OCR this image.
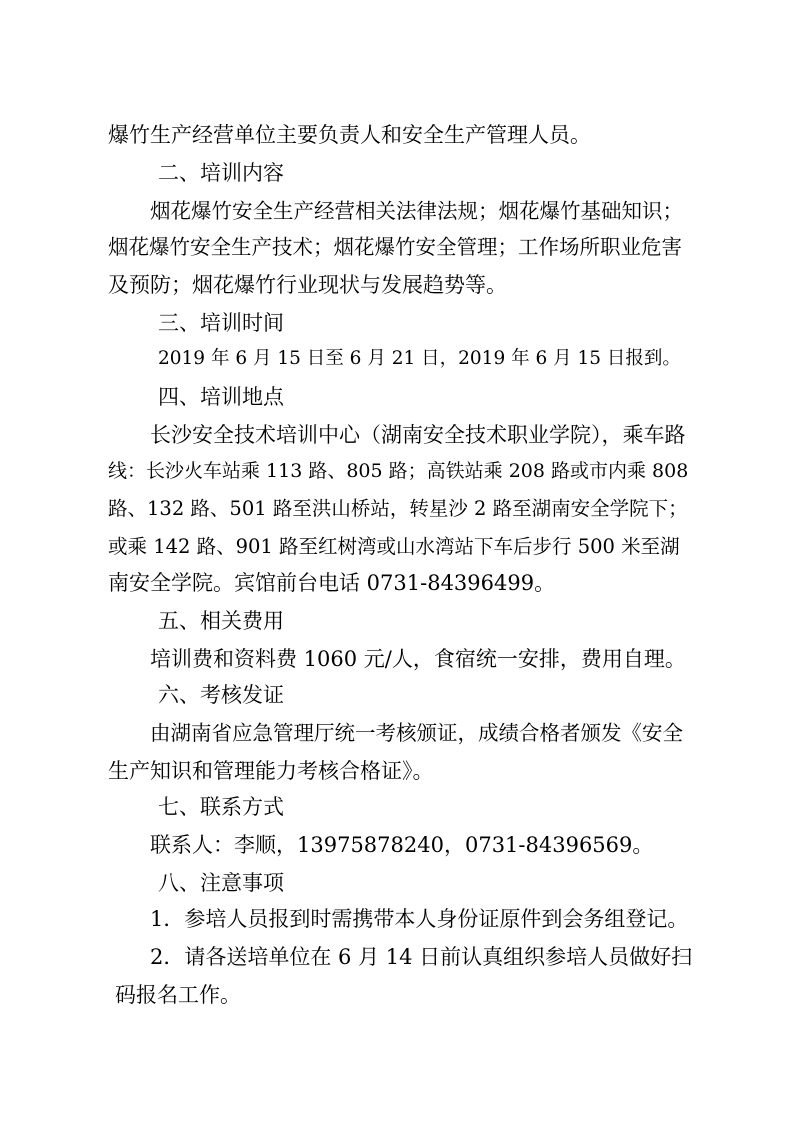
爆竹生产经营单位主要负责人和安全生产管理人员。
二、培训内容
烟花爆竹安全生产经营相关法律法规；烟花爆竹基础知识；
烟花爆竹安全生产技术；烟花爆竹安全管理；工作场所职业危害
及预防；烟花爆竹行业现状与发展趋势等。
三、培训时间
2019 年 6 月 15 日至 6 月 21 日，2019 年 6 月 15 日报到。
四、培训地点
长沙安全技术培训中心（湖南安全技术职业学院），乘车路
线：长沙火车站乘 113 路、805 路；高铁站乘 208 路或市内乘 808
路、132 路、501 路至洪山桥站，转星沙 2 路至湖南安全学院下；
或乘 142 路、901 路至红树湾或山水湾站下车后步行 500 米至湖
南安全学院。宾馆前台电话 0731-84396499。
五、相关费用
培训费和资料费 1060 元/人，食宿统一安排，费用自理。
六、考核发证
由湖南省应急管理厅统一考核颁证，成绩合格者颁发《安全
生产知识和管理能力考核合格证》。
七、联系方式
联系人：李顺，13975878240，0731-84396569。
八、注意事项
1．参培人员报到时需携带本人身份证原件到会务组登记。
2．请各送培单位在 6 月 14 日前认真组织参培人员做好扫
码报名工作。
